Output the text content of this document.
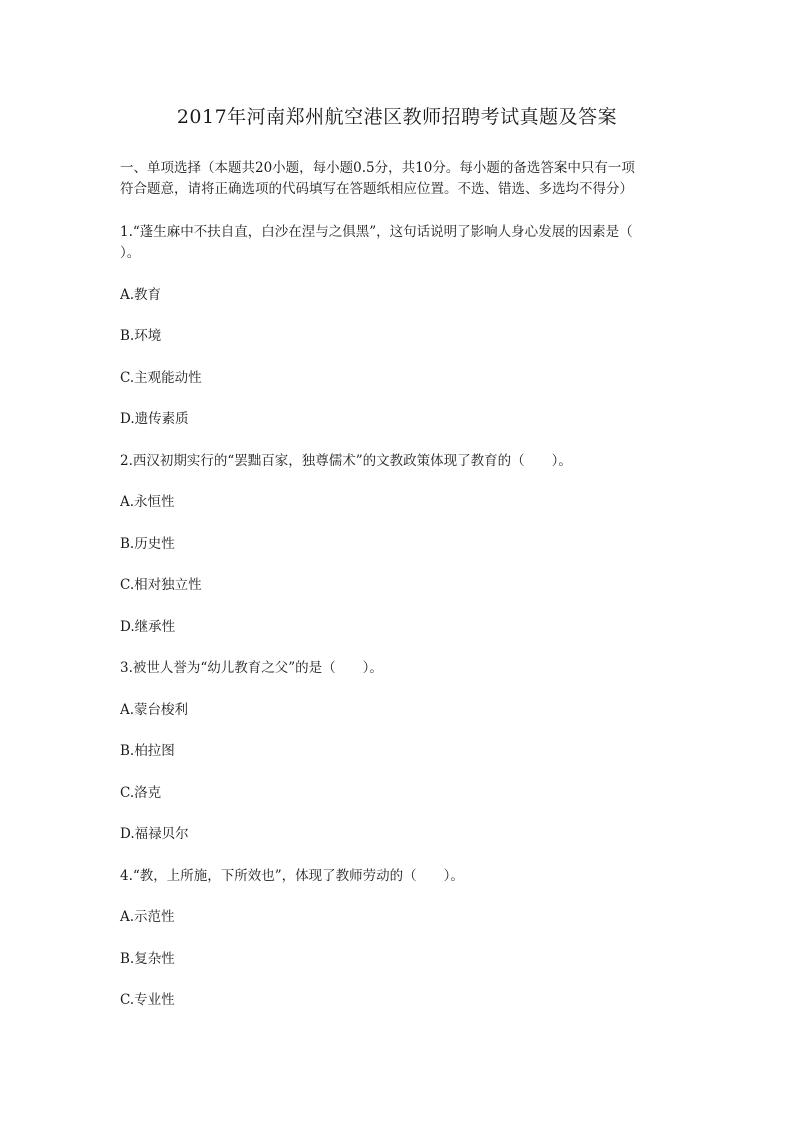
2017年河南郑州航空港区教师招聘考试真题及答案
一、单项选择（本题共20小题，每小题0.5分，共10分。每小题的备选答案中只有一项
符合题意，请将正确选项的代码填写在答题纸相应位置。不选、错选、多选均不得分）
1.“蓬生麻中不扶自直，白沙在涅与之俱黑”，这句话说明了影响人身心发展的因素是（
）。
A.教育
B.环境
C.主观能动性
D.遗传素质
2.西汉初期实行的“罢黜百家，独尊儒术”的文教政策体现了教育的（　　）。
A.永恒性
B.历史性
C.相对独立性
D.继承性
3.被世人誉为“幼儿教育之父”的是（　　）。
A.蒙台梭利
B.柏拉图
C.洛克
D.福禄贝尔
4.“教，上所施，下所效也”，体现了教师劳动的（　　）。
A.示范性
B.复杂性
C.专业性
